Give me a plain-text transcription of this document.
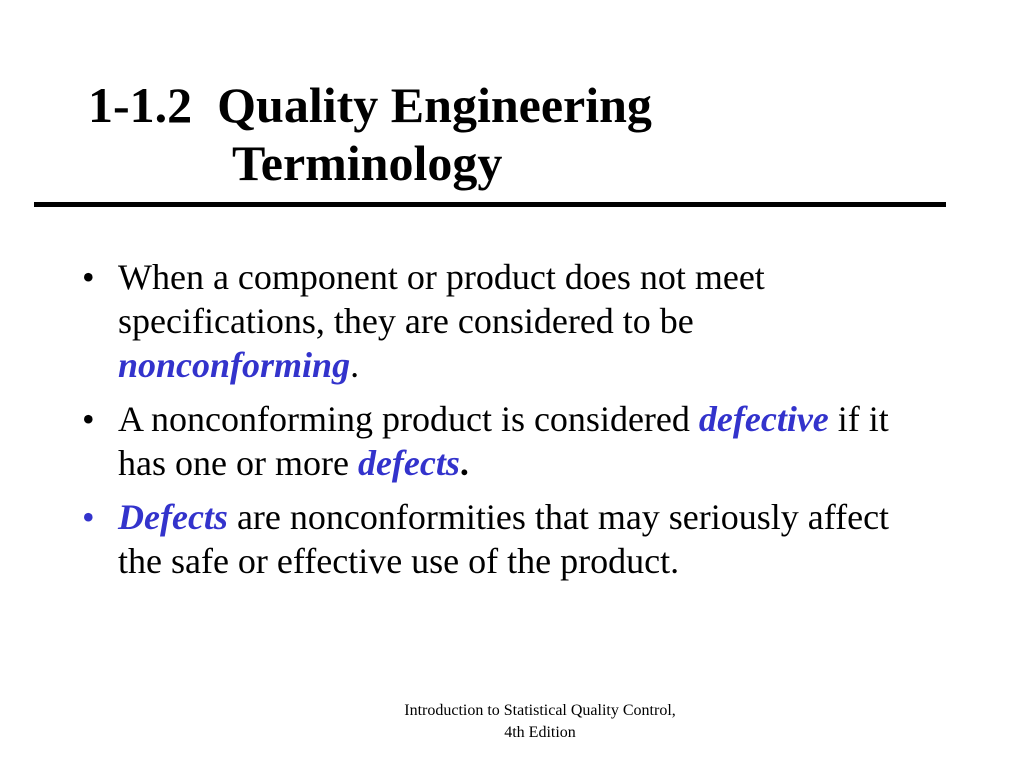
1-1.2 Quality Engineering
Terminology
• When a component or product does not meet specifications, they are considered to be nonconforming.
• A nonconforming product is considered defective if it has one or more defects.
• Defects are nonconformities that may seriously affect the safe or effective use of the product.
Introduction to Statistical Quality Control,
4th Edition
